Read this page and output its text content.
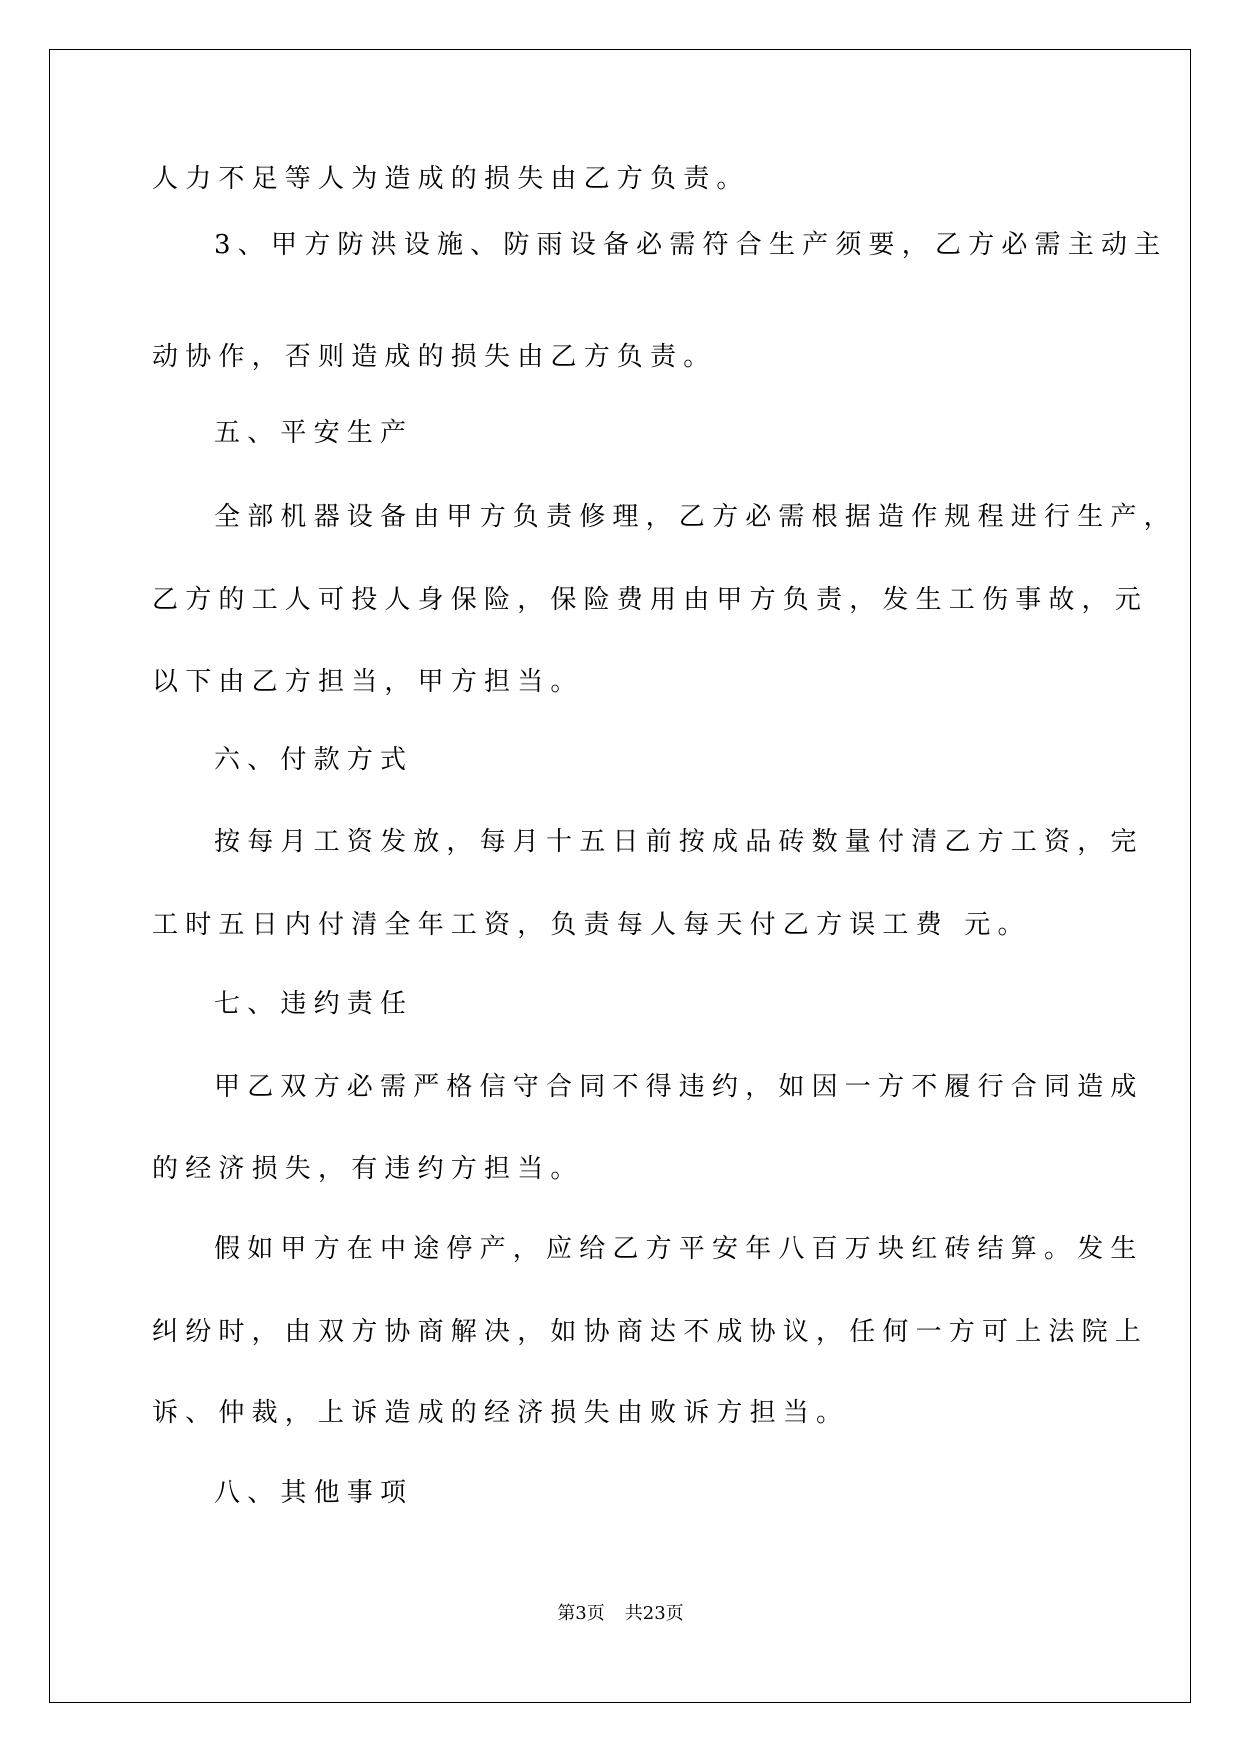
人力不足等人为造成的损失由乙方负责。
3、甲方防洪设施、防雨设备必需符合生产须要，乙方必需主动主
动协作，否则造成的损失由乙方负责。
五、平安生产
全部机器设备由甲方负责修理，乙方必需根据造作规程进行生产，
乙方的工人可投人身保险，保险费用由甲方负责，发生工伤事故，元
以下由乙方担当，甲方担当。
六、付款方式
按每月工资发放，每月十五日前按成品砖数量付清乙方工资，完
工时五日内付清全年工资，负责每人每天付乙方误工费 元。
七、违约责任
甲乙双方必需严格信守合同不得违约，如因一方不履行合同造成
的经济损失，有违约方担当。
假如甲方在中途停产，应给乙方平安年八百万块红砖结算。发生
纠纷时，由双方协商解决，如协商达不成协议，任何一方可上法院上
诉、仲裁，上诉造成的经济损失由败诉方担当。
八、其他事项
第3页 共23页
